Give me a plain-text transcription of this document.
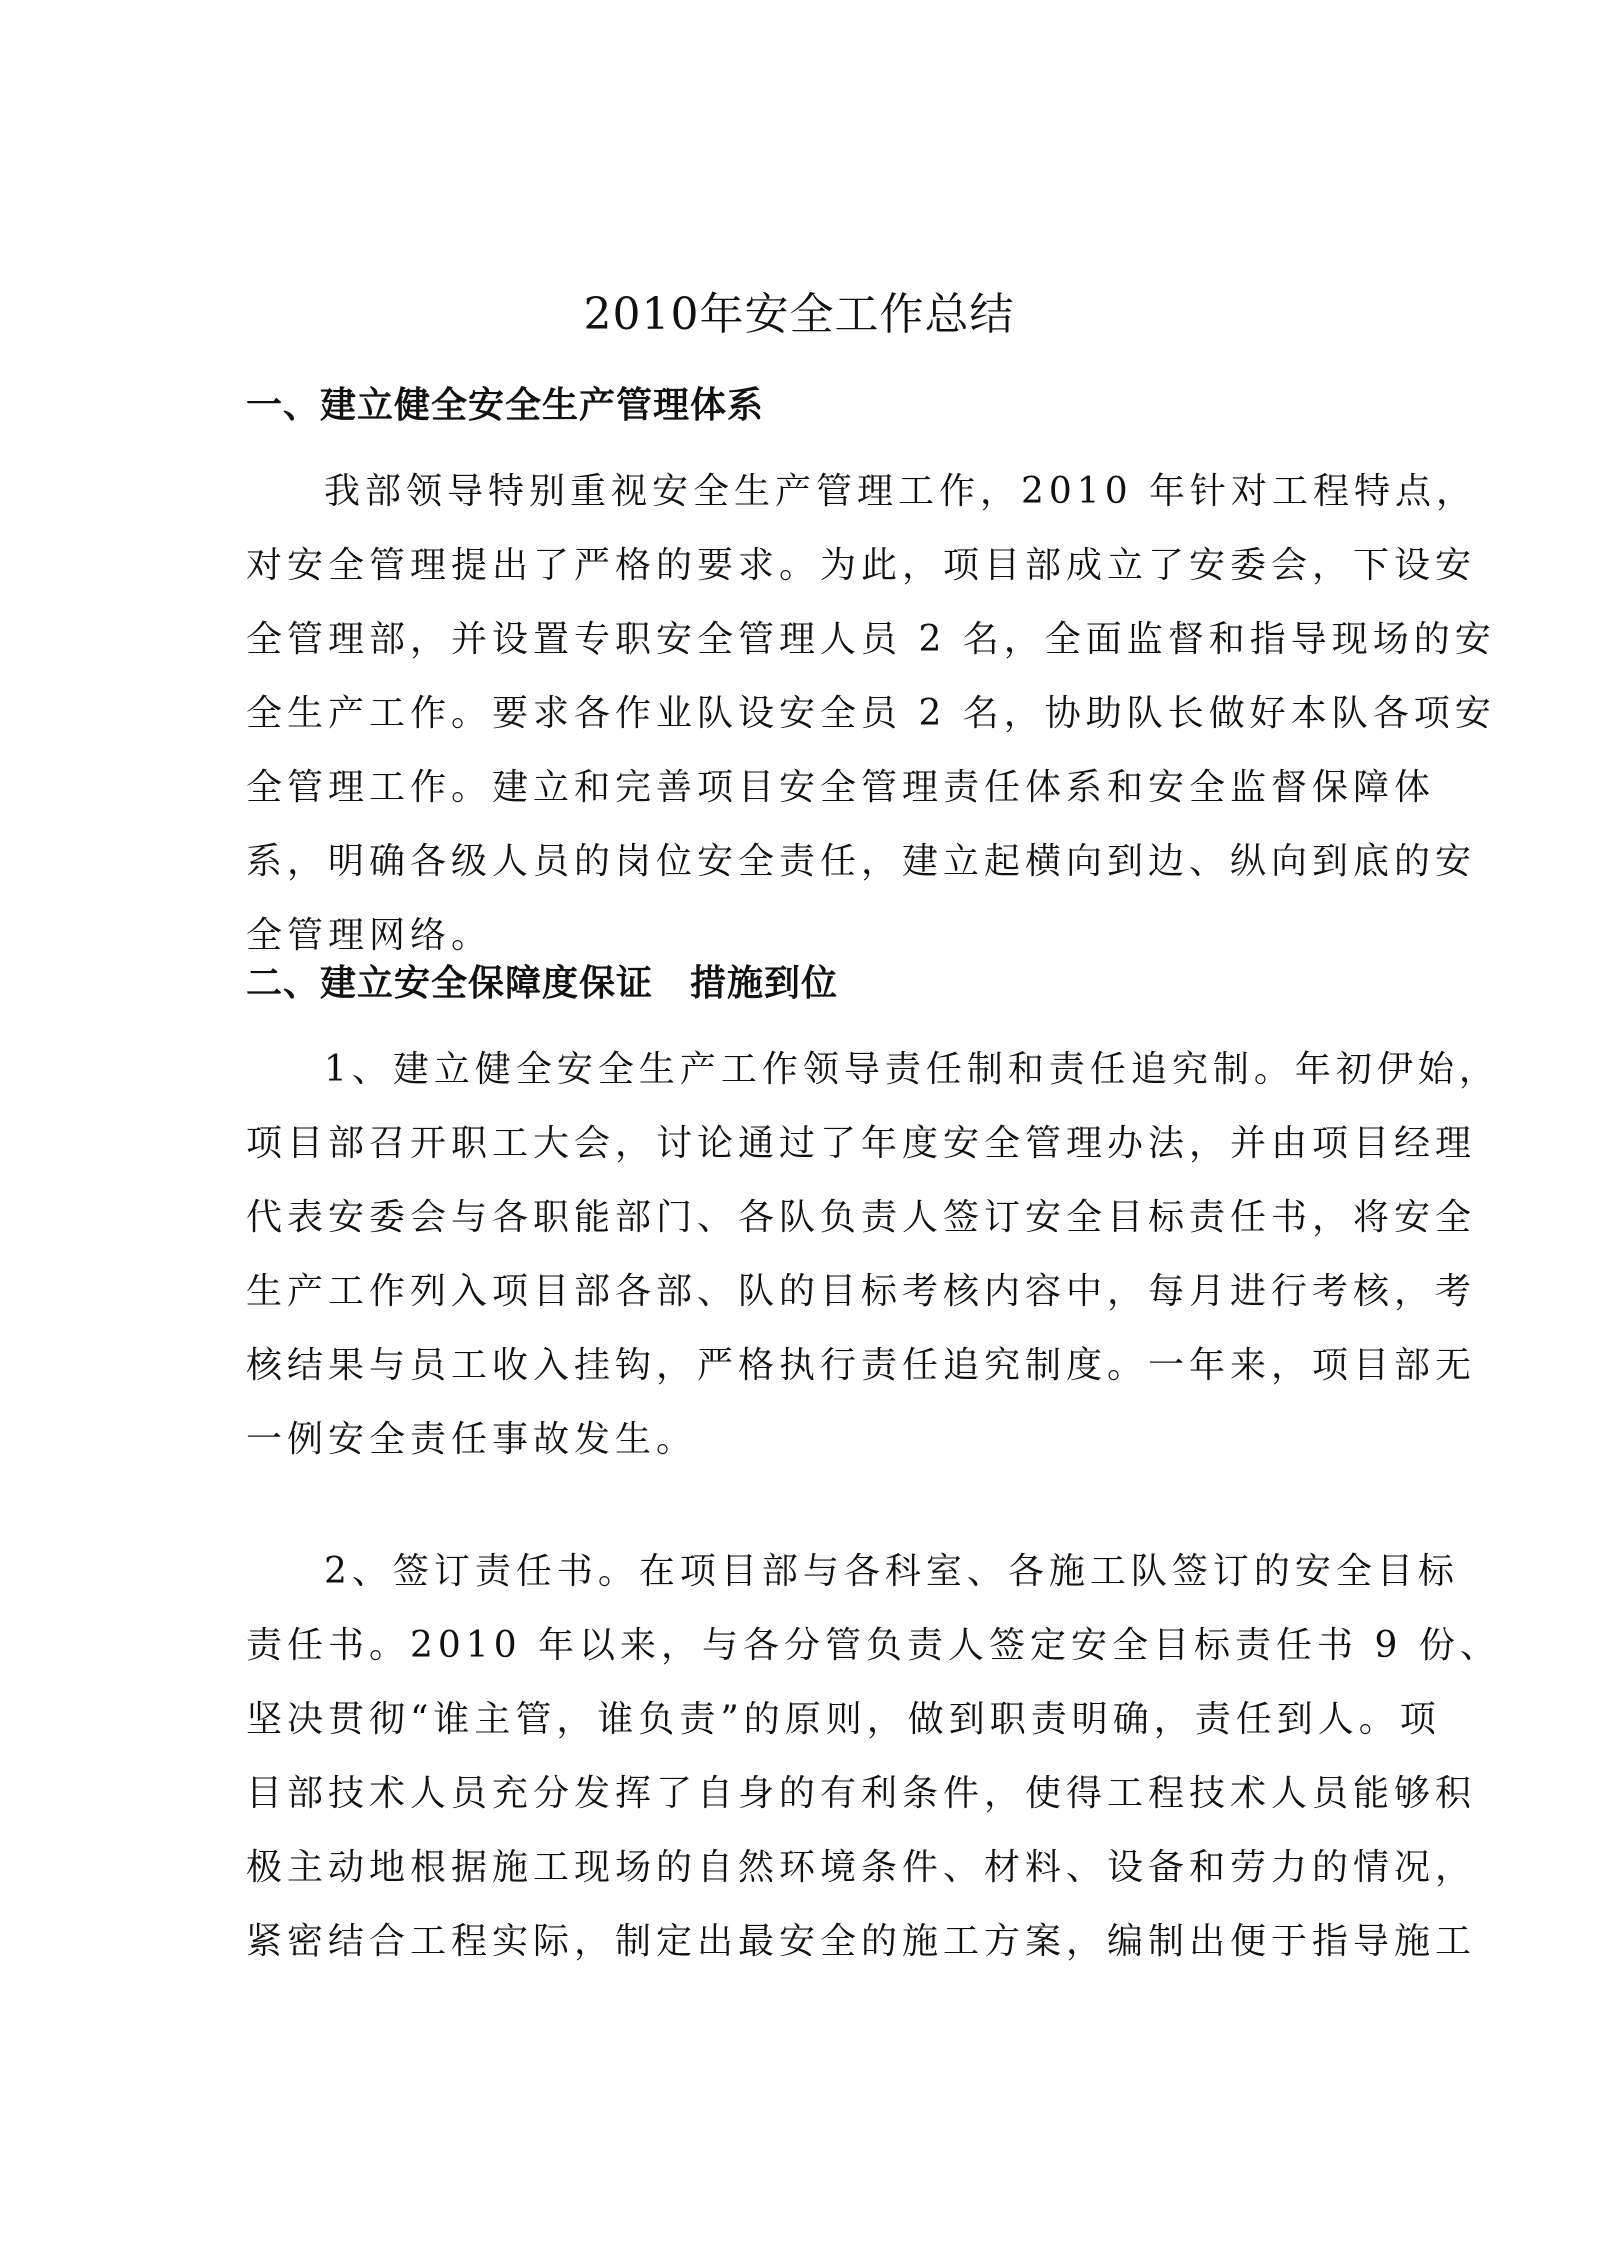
2010年安全工作总结
一、建立健全安全生产管理体系
我部领导特别重视安全生产管理工作，2010 年针对工程特点，
对安全管理提出了严格的要求。为此，项目部成立了安委会，下设安
全管理部，并设置专职安全管理人员 2 名，全面监督和指导现场的安
全生产工作。要求各作业队设安全员 2 名，协助队长做好本队各项安
全管理工作。建立和完善项目安全管理责任体系和安全监督保障体
系，明确各级人员的岗位安全责任，建立起横向到边、纵向到底的安
全管理网络。
二、建立安全保障度保证　措施到位
1、建立健全安全生产工作领导责任制和责任追究制。年初伊始，
项目部召开职工大会，讨论通过了年度安全管理办法，并由项目经理
代表安委会与各职能部门、各队负责人签订安全目标责任书，将安全
生产工作列入项目部各部、队的目标考核内容中，每月进行考核，考
核结果与员工收入挂钩，严格执行责任追究制度。一年来，项目部无
一例安全责任事故发生。
2、签订责任书。在项目部与各科室、各施工队签订的安全目标
责任书。2010 年以来，与各分管负责人签定安全目标责任书 9 份、
坚决贯彻“谁主管，谁负责”的原则，做到职责明确，责任到人。项
目部技术人员充分发挥了自身的有利条件，使得工程技术人员能够积
极主动地根据施工现场的自然环境条件、材料、设备和劳力的情况，
紧密结合工程实际，制定出最安全的施工方案，编制出便于指导施工
